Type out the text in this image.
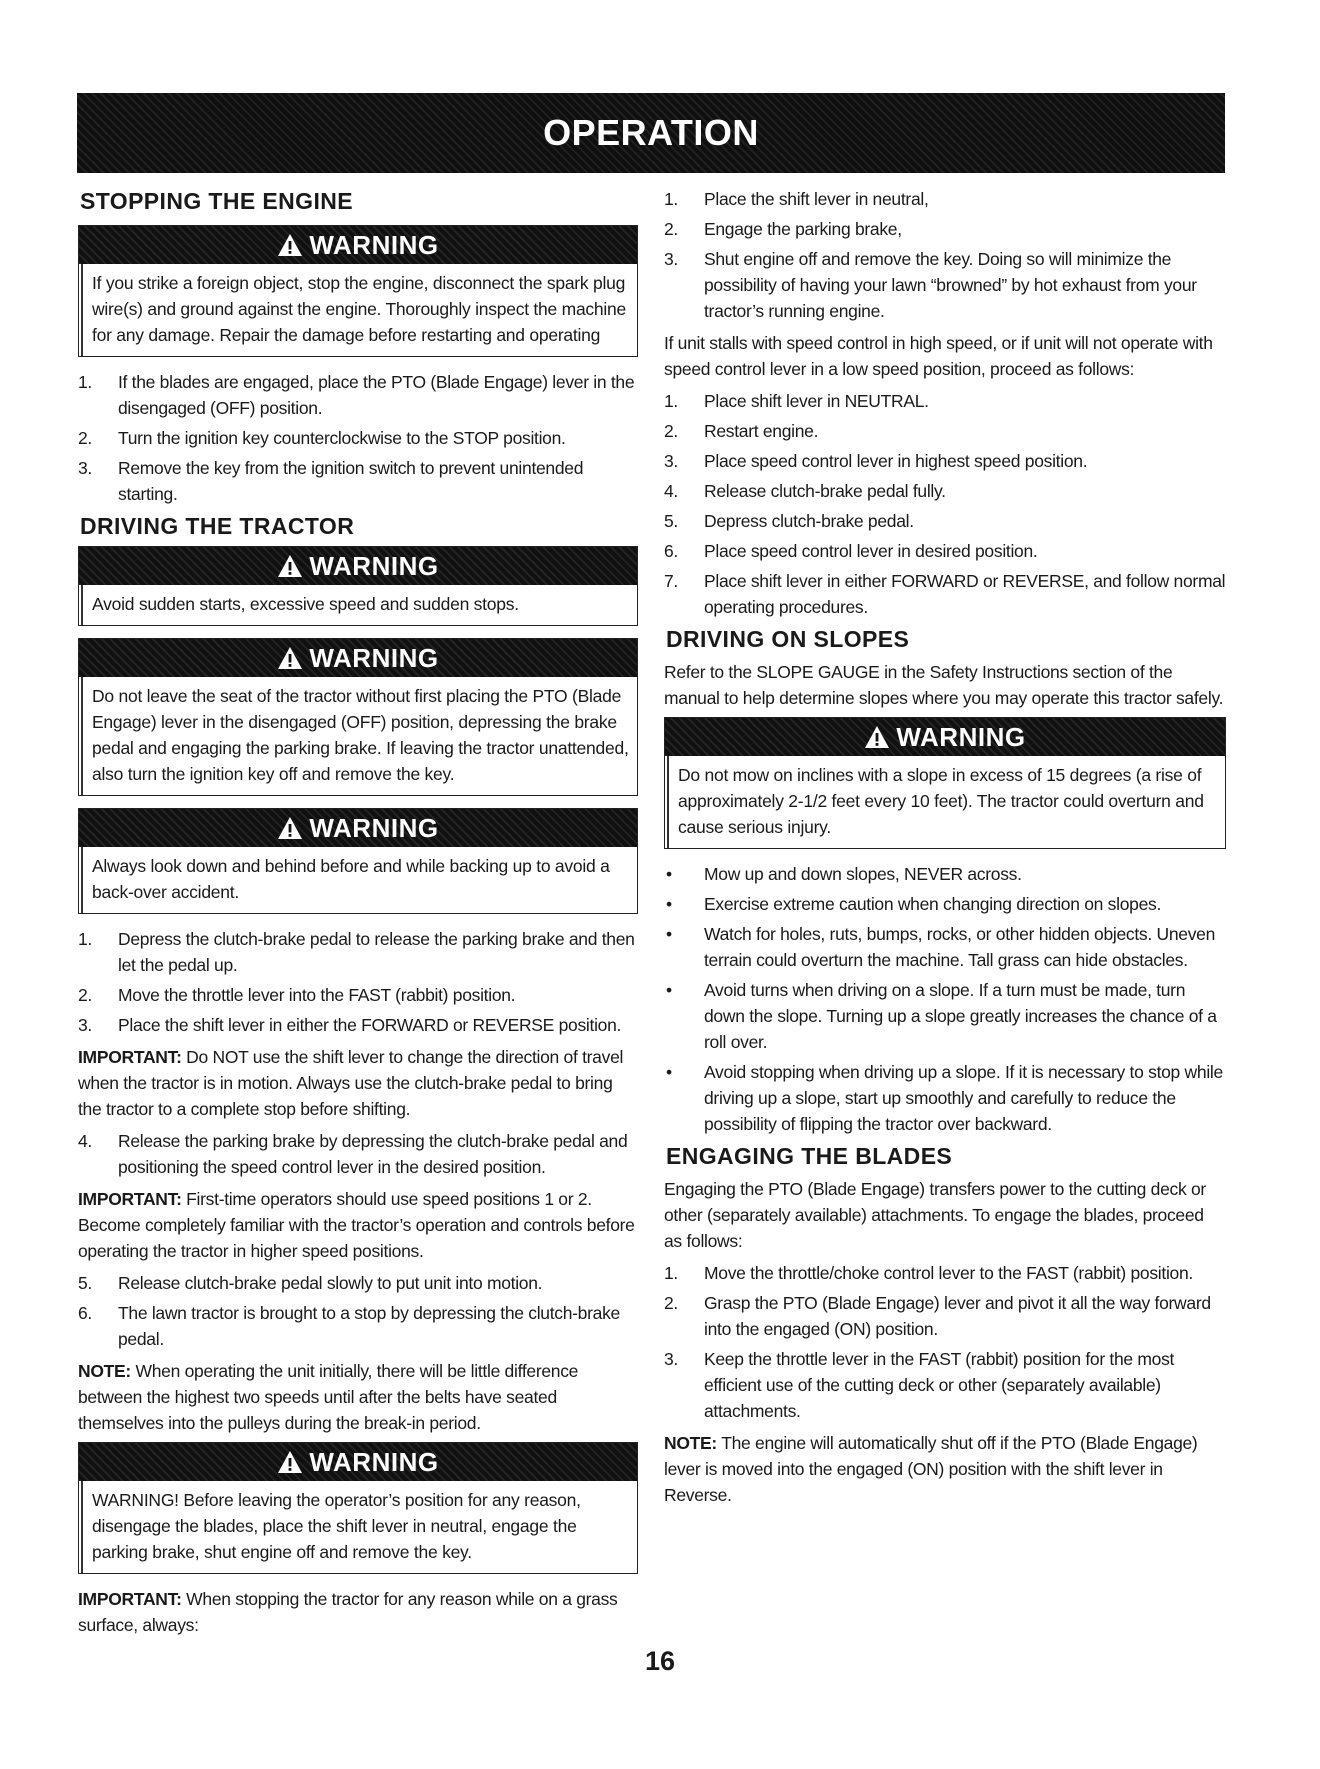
OPERATION
STOPPING THE ENGINE
WARNING
If you strike a foreign object, stop the engine, disconnect the spark plug wire(s) and ground against the engine. Thoroughly inspect the machine for any damage. Repair the damage before restarting and operating
1.	If the blades are engaged, place the PTO (Blade Engage) lever in the disengaged (OFF) position.
2.	Turn the ignition key counterclockwise to the STOP position.
3.	Remove the key from the ignition switch to prevent unintended starting.
DRIVING THE TRACTOR
WARNING
Avoid sudden starts, excessive speed and sudden stops.
WARNING
Do not leave the seat of the tractor without first placing the PTO (Blade Engage) lever in the disengaged (OFF) position, depressing the brake pedal and engaging the parking brake. If leaving the tractor unattended, also turn the ignition key off and remove the key.
WARNING
Always look down and behind before and while backing up to avoid a back-over accident.
1.	Depress the clutch-brake pedal to release the parking brake and then let the pedal up.
2.	Move the throttle lever into the FAST (rabbit) position.
3.	Place the shift lever in either the FORWARD or REVERSE position.

IMPORTANT: Do NOT use the shift lever to change the direction of travel when the tractor is in motion. Always use the clutch-brake pedal to bring the tractor to a complete stop before shifting.

4.	Release the parking brake by depressing the clutch-brake pedal and positioning the speed control lever in the desired position.

IMPORTANT: First-time operators should use speed positions 1 or 2. Become completely familiar with the tractor’s operation and controls before operating the tractor in higher speed positions.

5.	Release clutch-brake pedal slowly to put unit into motion.
6.	The lawn tractor is brought to a stop by depressing the clutch-brake pedal.

NOTE: When operating the unit initially, there will be little difference between the highest two speeds until after the belts have seated themselves into the pulleys during the break-in period.

WARNING
WARNING! Before leaving the operator’s position for any reason, disengage the blades, place the shift lever in neutral, engage the parking brake, shut engine off and remove the key.

IMPORTANT: When stopping the tractor for any reason while on a grass surface, always:

1.	Place the shift lever in neutral,
2.	Engage the parking brake,
3.	Shut engine off and remove the key. Doing so will minimize the possibility of having your lawn “browned” by hot exhaust from your tractor’s running engine.

If unit stalls with speed control in high speed, or if unit will not operate with speed control lever in a low speed position, proceed as follows:

1.	Place shift lever in NEUTRAL.
2.	Restart engine.
3.	Place speed control lever in highest speed position.
4.	Release clutch-brake pedal fully.
5.	Depress clutch-brake pedal.
6.	Place speed control lever in desired position.
7.	Place shift lever in either FORWARD or REVERSE, and follow normal operating procedures.
DRIVING ON SLOPES

Refer to the SLOPE GAUGE in the Safety Instructions section of the manual to help determine slopes where you may operate this tractor safely.

WARNING
Do not mow on inclines with a slope in excess of 15 degrees (a rise of approximately 2-1/2 feet every 10 feet). The tractor could overturn and cause serious injury.
•	Mow up and down slopes, NEVER across.
•	Exercise extreme caution when changing direction on slopes.
•	Watch for holes, ruts, bumps, rocks, or other hidden objects. Uneven terrain could overturn the machine. Tall grass can hide obstacles.
•	Avoid turns when driving on a slope. If a turn must be made, turn down the slope. Turning up a slope greatly increases the chance of a roll over.
•	Avoid stopping when driving up a slope. If it is necessary to stop while driving up a slope, start up smoothly and carefully to reduce the possibility of flipping the tractor over backward.
ENGAGING THE BLADES

Engaging the PTO (Blade Engage) transfers power to the cutting deck or other (separately available) attachments. To engage the blades, proceed as follows:

1.	Move the throttle/choke control lever to the FAST (rabbit) position.
2.	Grasp the PTO (Blade Engage) lever and pivot it all the way forward into the engaged (ON) position.
3.	Keep the throttle lever in the FAST (rabbit) position for the most efficient use of the cutting deck or other (separately available) attachments.

NOTE: The engine will automatically shut off if the PTO (Blade Engage) lever is moved into the engaged (ON) position with the shift lever in Reverse.

16
